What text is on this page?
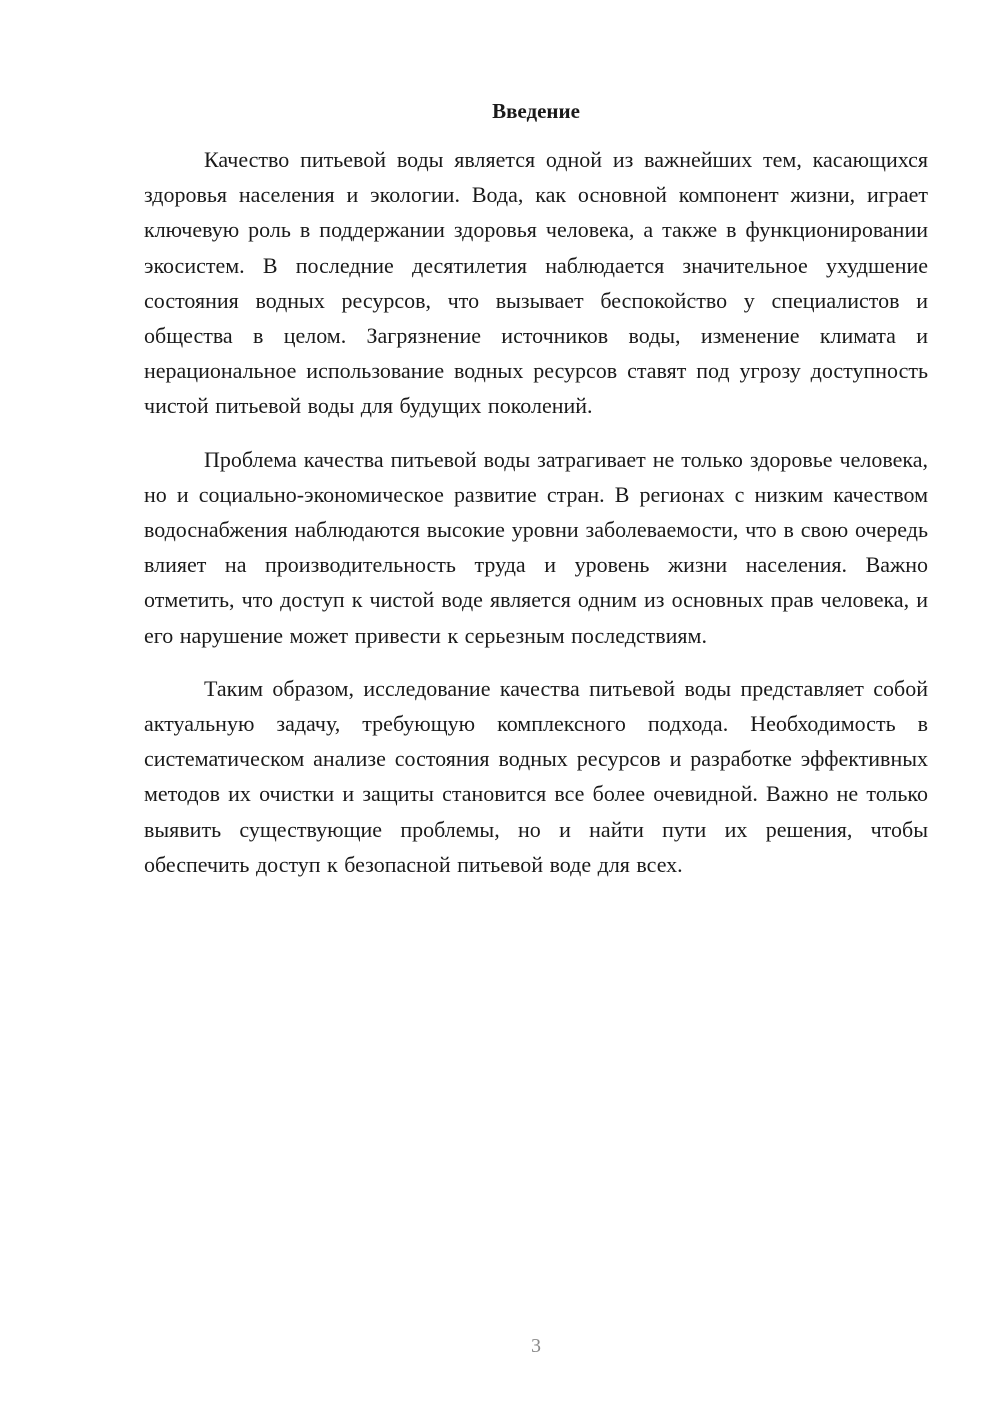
Введение

Качество питьевой воды является одной из важнейших тем, касающихся здоровья населения и экологии. Вода, как основной компонент жизни, играет ключевую роль в поддержании здоровья человека, а также в функционировании экосистем. В последние десятилетия наблюдается значительное ухудшение состояния водных ресурсов, что вызывает беспокойство у специалистов и общества в целом. Загрязнение источников воды, изменение климата и нерациональное использование водных ресурсов ставят под угрозу доступность чистой питьевой воды для будущих поколений.

Проблема качества питьевой воды затрагивает не только здоровье человека, но и социально-экономическое развитие стран. В регионах с низким качеством водоснабжения наблюдаются высокие уровни заболеваемости, что в свою очередь влияет на производительность труда и уровень жизни населения. Важно отметить, что доступ к чистой воде является одним из основных прав человека, и его нарушение может привести к серьезным последствиям.

Таким образом, исследование качества питьевой воды представляет собой актуальную задачу, требующую комплексного подхода. Необходимость в систематическом анализе состояния водных ресурсов и разработке эффективных методов их очистки и защиты становится все более очевидной. Важно не только выявить существующие проблемы, но и найти пути их решения, чтобы обеспечить доступ к безопасной питьевой воде для всех.

3
